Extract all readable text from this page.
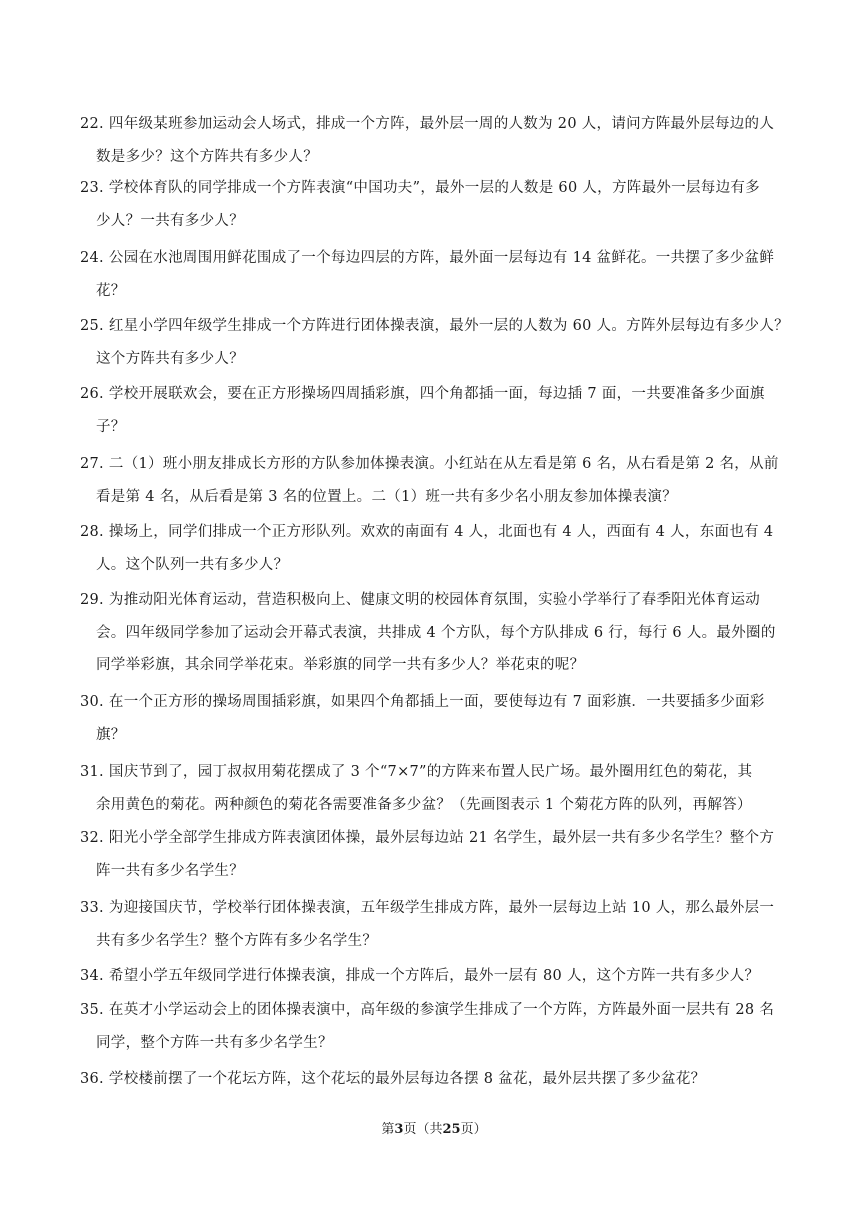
22. 四年级某班参加运动会人场式，排成一个方阵，最外层一周的人数为 20 人，请问方阵最外层每边的人
数是多少？这个方阵共有多少人？
23. 学校体育队的同学排成一个方阵表演“中国功夫”，最外一层的人数是 60 人，方阵最外一层每边有多
少人？一共有多少人？
24. 公园在水池周围用鲜花围成了一个每边四层的方阵，最外面一层每边有 14 盆鲜花。一共摆了多少盆鲜
花？
25. 红星小学四年级学生排成一个方阵进行团体操表演，最外一层的人数为 60 人。方阵外层每边有多少人？
这个方阵共有多少人？
26. 学校开展联欢会，要在正方形操场四周插彩旗，四个角都插一面，每边插 7 面，一共要准备多少面旗
子？
27. 二（1）班小朋友排成长方形的方队参加体操表演。小红站在从左看是第 6 名，从右看是第 2 名，从前
看是第 4 名，从后看是第 3 名的位置上。二（1）班一共有多少名小朋友参加体操表演？
28. 操场上，同学们排成一个正方形队列。欢欢的南面有 4 人，北面也有 4 人，西面有 4 人，东面也有 4
人。这个队列一共有多少人？
29. 为推动阳光体育运动，营造积极向上、健康文明的校园体育氛围，实验小学举行了春季阳光体育运动
会。四年级同学参加了运动会开幕式表演，共排成 4 个方队，每个方队排成 6 行，每行 6 人。最外圈的
同学举彩旗，其余同学举花束。举彩旗的同学一共有多少人？举花束的呢？
30. 在一个正方形的操场周围插彩旗，如果四个角都插上一面，要使每边有 7 面彩旗．一共要插多少面彩
旗？
31. 国庆节到了，园丁叔叔用菊花摆成了 3 个“7×7”的方阵来布置人民广场。最外圈用红色的菊花，其
余用黄色的菊花。两种颜色的菊花各需要准备多少盆？（先画图表示 1 个菊花方阵的队列，再解答）
32. 阳光小学全部学生排成方阵表演团体操，最外层每边站 21 名学生，最外层一共有多少名学生？整个方
阵一共有多少名学生？
33. 为迎接国庆节，学校举行团体操表演，五年级学生排成方阵，最外一层每边上站 10 人，那么最外层一
共有多少名学生？整个方阵有多少名学生？
34. 希望小学五年级同学进行体操表演，排成一个方阵后，最外一层有 80 人，这个方阵一共有多少人？
35. 在英才小学运动会上的团体操表演中，高年级的参演学生排成了一个方阵，方阵最外面一层共有 28 名
同学，整个方阵一共有多少名学生？
36. 学校楼前摆了一个花坛方阵，这个花坛的最外层每边各摆 8 盆花，最外层共摆了多少盆花？
第3页（共25页）
